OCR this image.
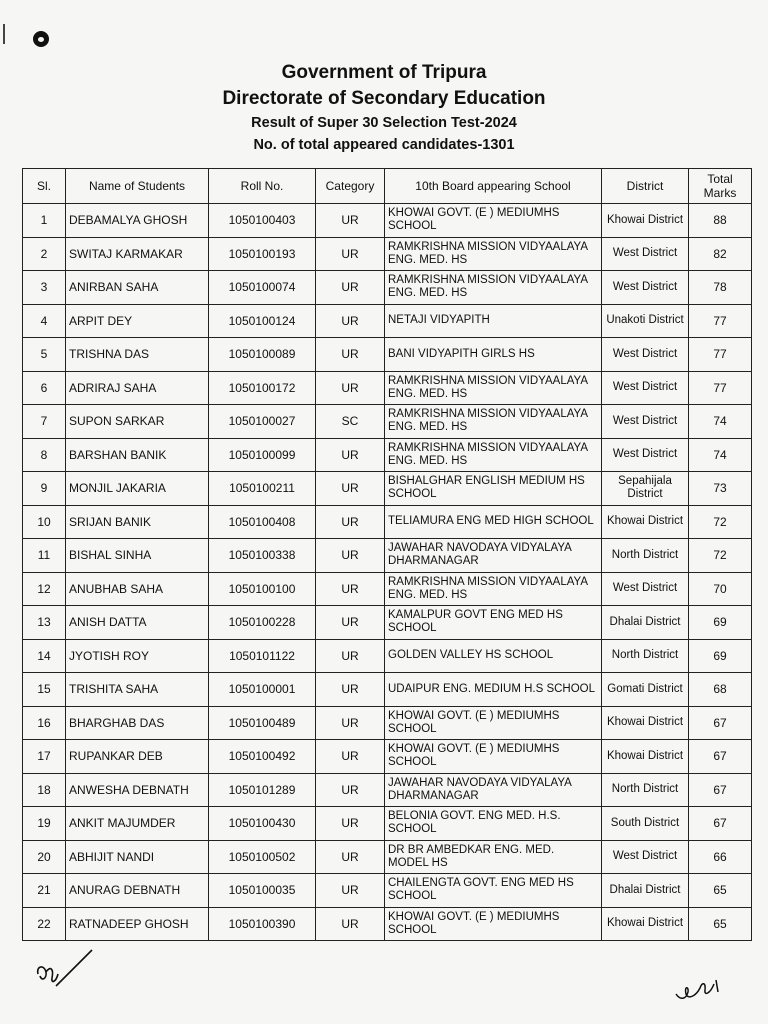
Government of Tripura
Directorate of Secondary Education
Result of Super 30 Selection Test-2024
No. of total appeared candidates-1301
Sl.	Name of Students	Roll No.	Category	10th Board appearing School	District	Total Marks
1	DEBAMALYA GHOSH	1050100403	UR	KHOWAI GOVT. (E ) MEDIUMHS SCHOOL	Khowai District	88
2	SWITAJ KARMAKAR	1050100193	UR	RAMKRISHNA MISSION VIDYAALAYA ENG. MED. HS	West District	82
3	ANIRBAN SAHA	1050100074	UR	RAMKRISHNA MISSION VIDYAALAYA ENG. MED. HS	West District	78
4	ARPIT DEY	1050100124	UR	NETAJI VIDYAPITH	Unakoti District	77
5	TRISHNA DAS	1050100089	UR	BANI VIDYAPITH GIRLS HS	West District	77
6	ADRIRAJ SAHA	1050100172	UR	RAMKRISHNA MISSION VIDYAALAYA ENG. MED. HS	West District	77
7	SUPON SARKAR	1050100027	SC	RAMKRISHNA MISSION VIDYAALAYA ENG. MED. HS	West District	74
8	BARSHAN BANIK	1050100099	UR	RAMKRISHNA MISSION VIDYAALAYA ENG. MED. HS	West District	74
9	MONJIL JAKARIA	1050100211	UR	BISHALGHAR ENGLISH MEDIUM HS SCHOOL	Sepahijala District	73
10	SRIJAN BANIK	1050100408	UR	TELIAMURA ENG MED HIGH SCHOOL	Khowai District	72
11	BISHAL SINHA	1050100338	UR	JAWAHAR NAVODAYA VIDYALAYA DHARMANAGAR	North District	72
12	ANUBHAB SAHA	1050100100	UR	RAMKRISHNA MISSION VIDYAALAYA ENG. MED. HS	West District	70
13	ANISH DATTA	1050100228	UR	KAMALPUR GOVT ENG MED HS SCHOOL	Dhalai District	69
14	JYOTISH ROY	1050101122	UR	GOLDEN VALLEY HS SCHOOL	North District	69
15	TRISHITA SAHA	1050100001	UR	UDAIPUR ENG. MEDIUM H.S SCHOOL	Gomati District	68
16	BHARGHAB DAS	1050100489	UR	KHOWAI GOVT. (E ) MEDIUMHS SCHOOL	Khowai District	67
17	RUPANKAR DEB	1050100492	UR	KHOWAI GOVT. (E ) MEDIUMHS SCHOOL	Khowai District	67
18	ANWESHA DEBNATH	1050101289	UR	JAWAHAR NAVODAYA VIDYALAYA DHARMANAGAR	North District	67
19	ANKIT MAJUMDER	1050100430	UR	BELONIA GOVT. ENG MED. H.S. SCHOOL	South District	67
20	ABHIJIT NANDI	1050100502	UR	DR BR AMBEDKAR ENG. MED. MODEL HS	West District	66
21	ANURAG DEBNATH	1050100035	UR	CHAILENGTA GOVT. ENG MED HS SCHOOL	Dhalai District	65
22	RATNADEEP GHOSH	1050100390	UR	KHOWAI GOVT. (E ) MEDIUMHS SCHOOL	Khowai District	65
